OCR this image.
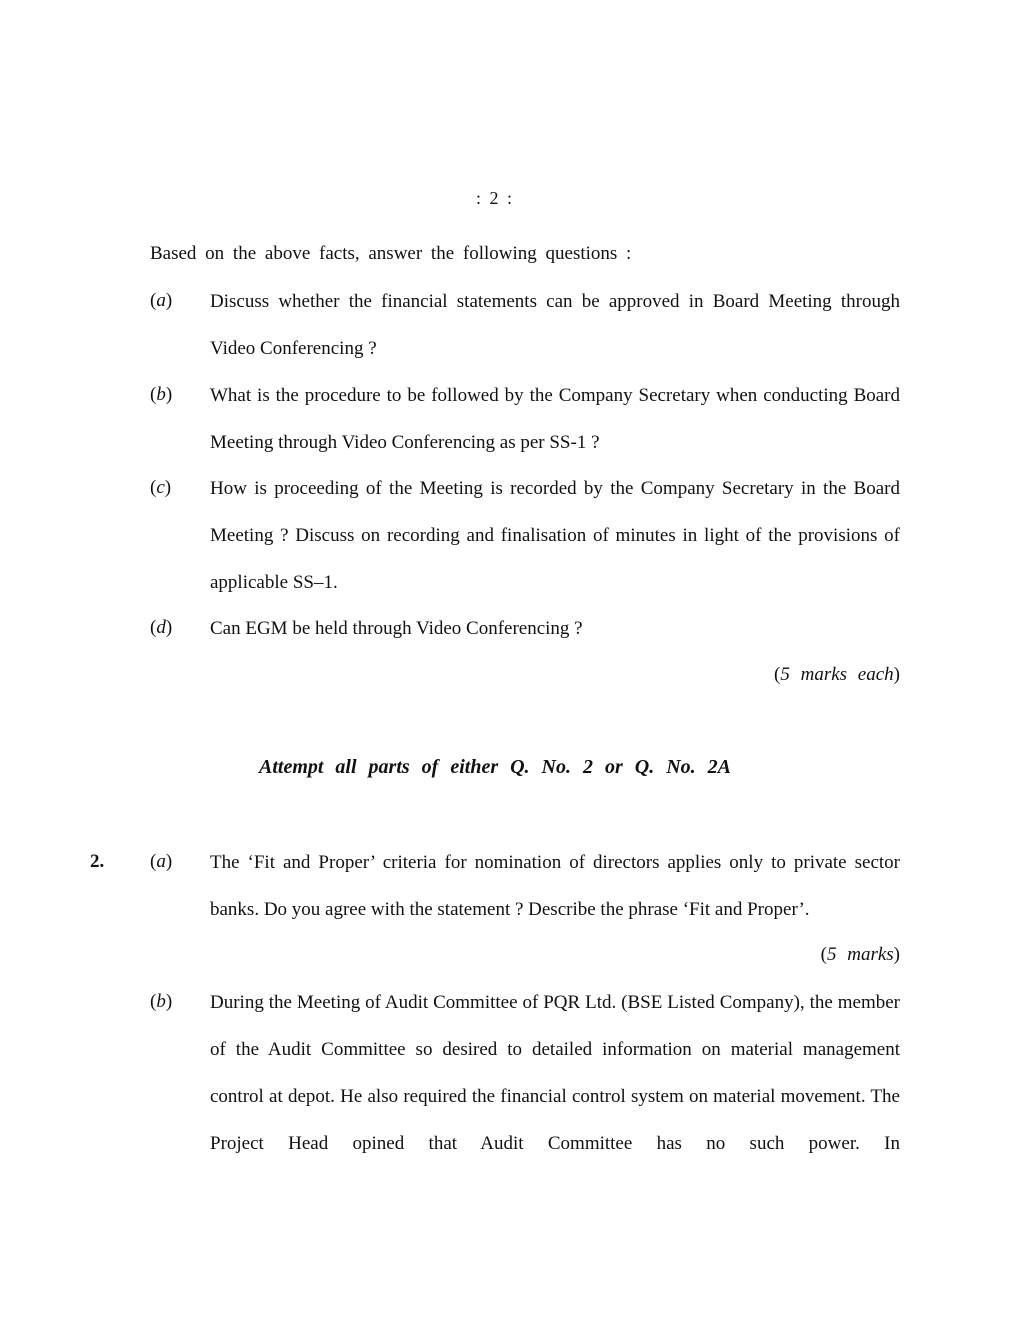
: 2 :
Based on the above facts, answer the following questions :
(a)	Discuss whether the financial statements can be approved in Board Meeting through Video Conferencing ?
(b)	What is the procedure to be followed by the Company Secretary when conducting Board Meeting through Video Conferencing as per SS-1 ?
(c)	How is proceeding of the Meeting is recorded by the Company Secretary in the Board Meeting ? Discuss on recording and finalisation of minutes in light of the provisions of applicable SS–1.
(d)	Can EGM be held through Video Conferencing ?
(5 marks each)
Attempt all parts of either Q. No. 2 or Q. No. 2A
2. (a)	The ‘Fit and Proper’ criteria for nomination of directors applies only to private sector banks. Do you agree with the statement ? Describe the phrase ‘Fit and Proper’.
(5 marks)
(b)	During the Meeting of Audit Committee of PQR Ltd. (BSE Listed Company), the member of the Audit Committee so desired to detailed information on material management control at depot. He also required the financial control system on material movement. The Project Head opined that Audit Committee has no such power. In
